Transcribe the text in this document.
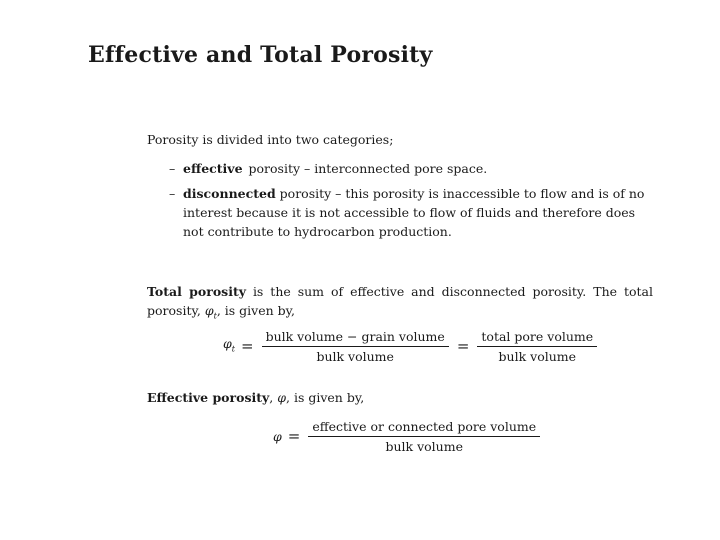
Effective and Total Porosity

Porosity is divided into two categories;

– effective porosity – interconnected pore space.
– disconnected porosity – this porosity is inaccessible to flow and is of no interest because it is not accessible to flow of fluids and therefore does not contribute to hydrocarbon production.

Total porosity is the sum of effective and disconnected porosity. The total porosity, $\varphi_t$, is given by,

$\varphi_t = \frac{\text{bulk volume − grain volume}}{\text{bulk volume}} = \frac{\text{total pore volume}}{\text{bulk volume}}$

Effective porosity, φ, is given by,

$\varphi = \frac{\text{effective or connected pore volume}}{\text{bulk volume}}$
